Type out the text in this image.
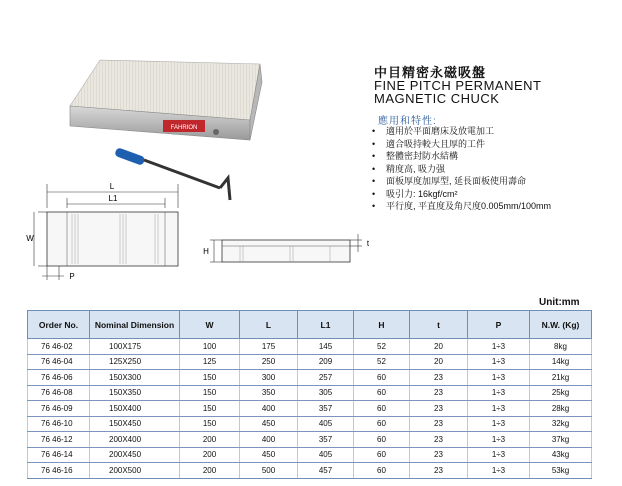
FAHRION
中目精密永磁吸盤
FINE PITCH PERMANENT
MAGNETIC CHUCK
應用和特性:
• 適用於平面磨床及放電加工
• 適合吸持較大且厚的工件
• 整體密封防水結構
• 精度高, 吸力强
• 面板厚度加厚型, 延長面板使用壽命
• 吸引力: 16kgf/cm²
• 平行度, 平直度及角尺度0.005mm/100mm
L
L1
W
P
H
t
Unit:mm
Order No.	Nominal Dimension	W	L	L1	H	t	P	N.W. (Kg)
76 46-02	100X175	100	175	145	52	20	1÷3	8kg
76 46-04	125X250	125	250	209	52	20	1÷3	14kg
76 46-06	150X300	150	300	257	60	23	1÷3	21kg
76 46-08	150X350	150	350	305	60	23	1÷3	25kg
76 46-09	150X400	150	400	357	60	23	1÷3	28kg
76 46-10	150X450	150	450	405	60	23	1÷3	32kg
76 46-12	200X400	200	400	357	60	23	1÷3	37kg
76 46-14	200X450	200	450	405	60	23	1÷3	43kg
76 46-16	200X500	200	500	457	60	23	1÷3	53kg
